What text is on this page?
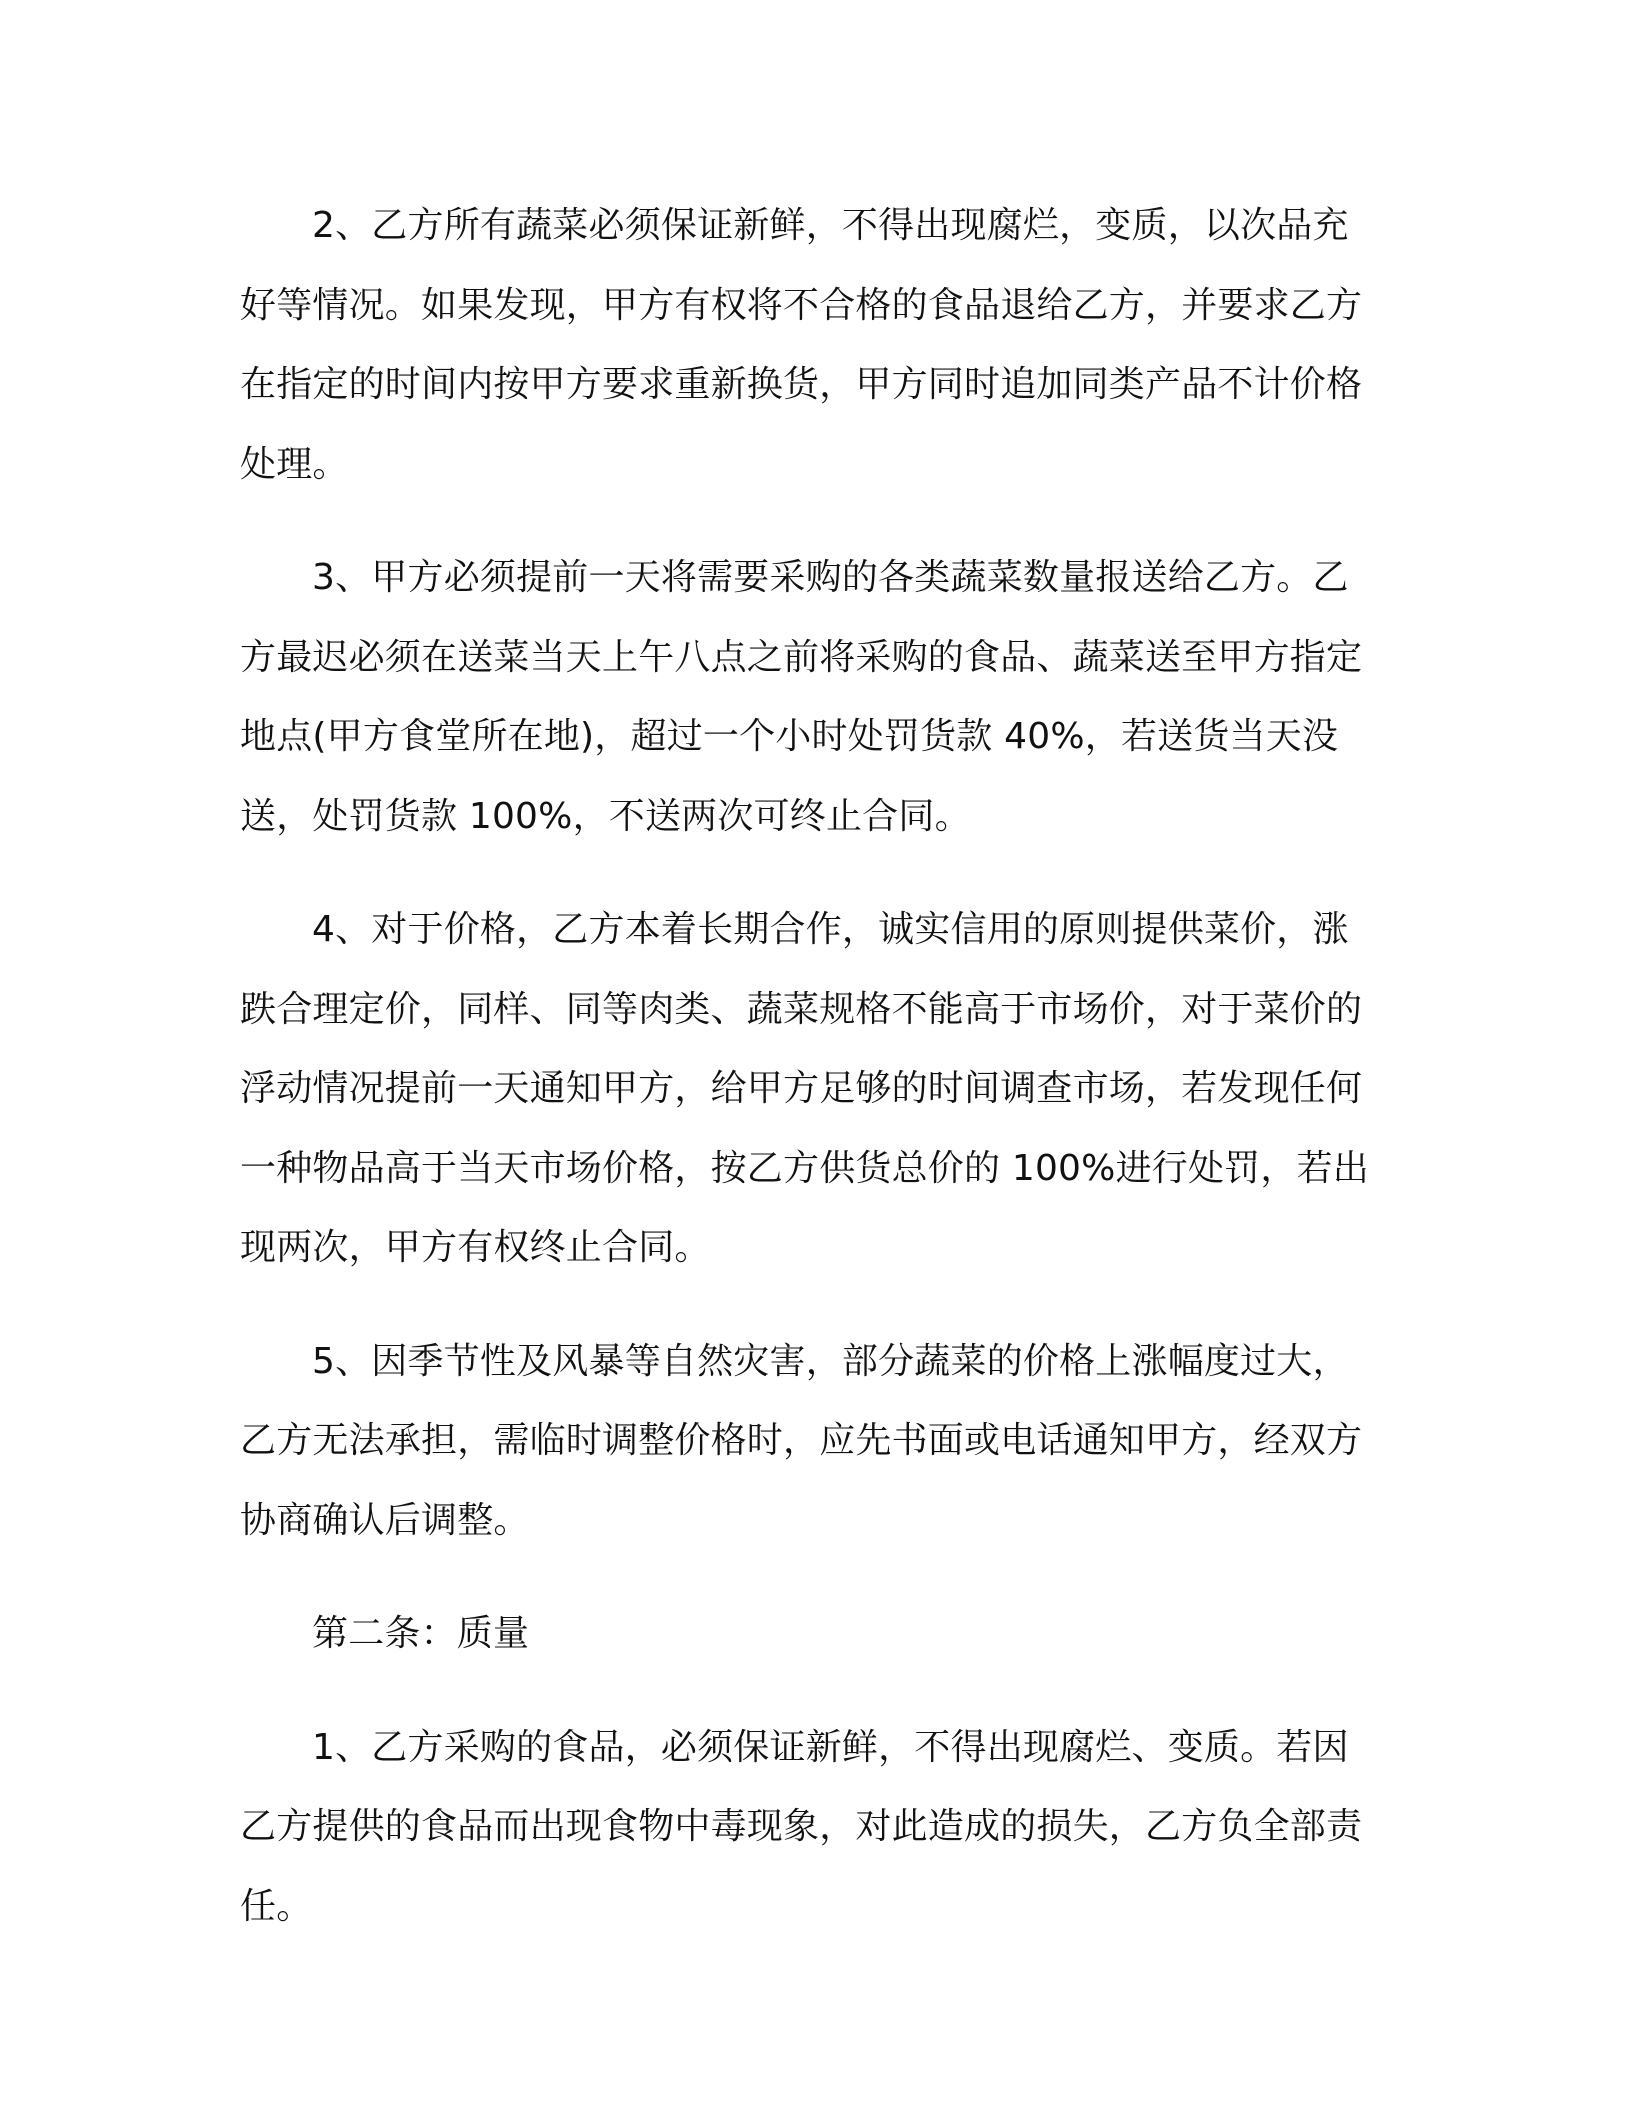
2、乙方所有蔬菜必须保证新鲜，不得出现腐烂，变质，以次品充好等情况。如果发现，甲方有权将不合格的食品退给乙方，并要求乙方在指定的时间内按甲方要求重新换货，甲方同时追加同类产品不计价格处理。

3、甲方必须提前一天将需要采购的各类蔬菜数量报送给乙方。乙方最迟必须在送菜当天上午八点之前将采购的食品、蔬菜送至甲方指定地点(甲方食堂所在地)，超过一个小时处罚货款 40%，若送货当天没送，处罚货款 100%，不送两次可终止合同。

4、对于价格，乙方本着长期合作，诚实信用的原则提供菜价，涨跌合理定价，同样、同等肉类、蔬菜规格不能高于市场价，对于菜价的浮动情况提前一天通知甲方，给甲方足够的时间调查市场，若发现任何一种物品高于当天市场价格，按乙方供货总价的 100%进行处罚，若出现两次，甲方有权终止合同。

5、因季节性及风暴等自然灾害，部分蔬菜的价格上涨幅度过大，乙方无法承担，需临时调整价格时，应先书面或电话通知甲方，经双方协商确认后调整。

第二条：质量

1、乙方采购的食品，必须保证新鲜，不得出现腐烂、变质。若因乙方提供的食品而出现食物中毒现象，对此造成的损失，乙方负全部责任。
